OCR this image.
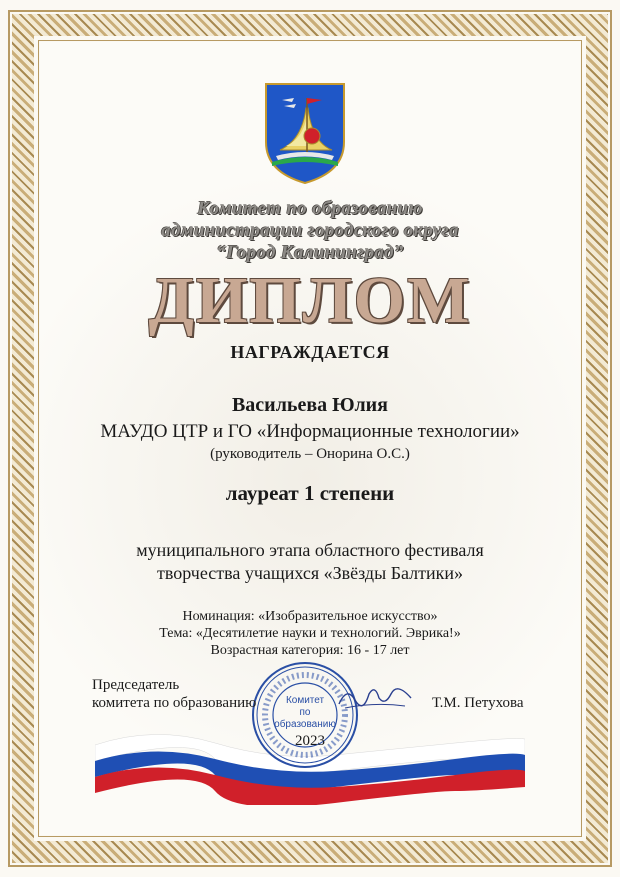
Комитет по образованию
администрации городского округа
“Город Калининград”
ДИПЛОМ
НАГРАЖДАЕТСЯ
Васильева Юлия
МАУДО ЦТР и ГО «Информационные технологии»
(руководитель – Онорина О.С.)
лауреат 1 степени
муниципального этапа областного фестиваля
творчества учащихся «Звёзды Балтики»
Номинация: «Изобразительное искусство»
Тема: «Десятилетие науки и технологий. Эврика!»
Возрастная категория: 16 - 17 лет
Комитет
по
образованию
Председатель
комитета по образованию	Т.М. Петухова
2023
